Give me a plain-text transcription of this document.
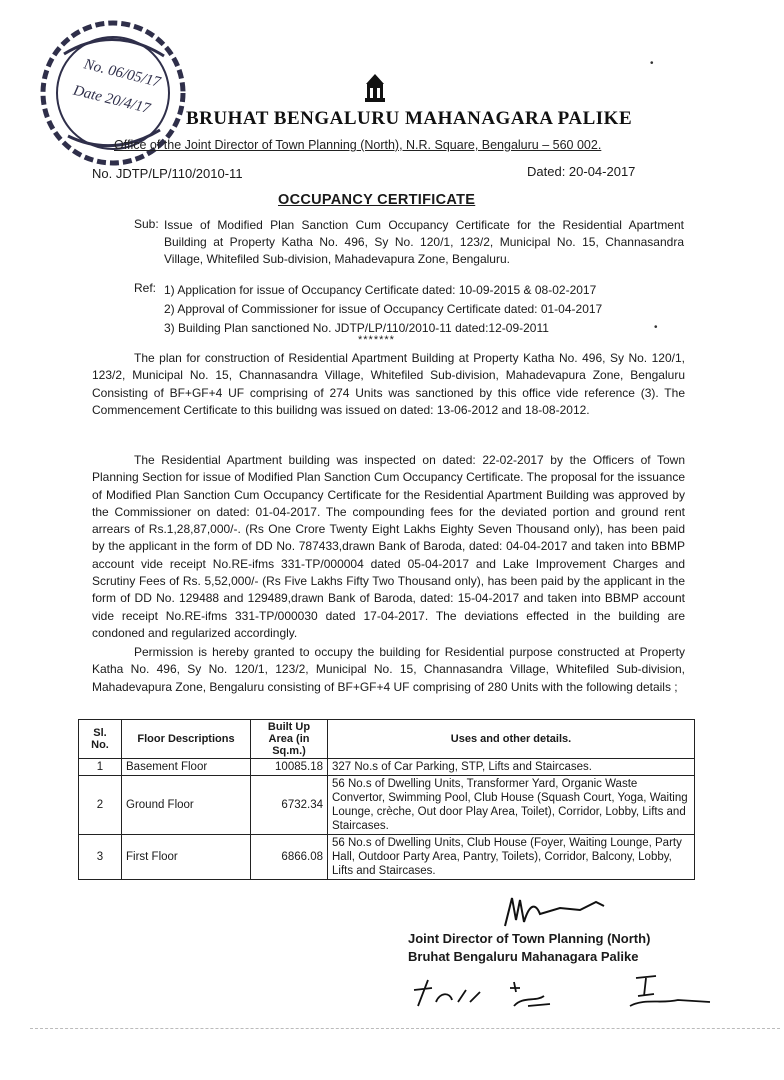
No. 06/05/17
Date 20/4/17
BRUHAT BENGALURU MAHANAGARA PALIKE
Office of the Joint Director of Town Planning (North), N.R. Square, Bengaluru – 560 002.
No. JDTP/LP/110/2010-11	Dated: 20-04-2017
OCCUPANCY CERTIFICATE
Sub: Issue of Modified Plan Sanction Cum Occupancy Certificate for the Residential Apartment Building at Property Katha No. 496, Sy No. 120/1, 123/2, Municipal No. 15, Channasandra Village, Whitefiled Sub-division, Mahadevapura Zone, Bengaluru.
Ref: 1) Application for issue of Occupancy Certificate dated: 10-09-2015 & 08-02-2017
2) Approval of Commissioner for issue of Occupancy Certificate dated: 01-04-2017
3) Building Plan sanctioned No. JDTP/LP/110/2010-11 dated:12-09-2011
*******
The plan for construction of Residential Apartment Building at Property Katha No. 496, Sy No. 120/1, 123/2, Municipal No. 15, Channasandra Village, Whitefiled Sub-division, Mahadevapura Zone, Bengaluru Consisting of BF+GF+4 UF comprising of 274 Units was sanctioned by this office vide reference (3). The Commencement Certificate to this builidng was issued on dated: 13-06-2012 and 18-08-2012.
The Residential Apartment building was inspected on dated: 22-02-2017 by the Officers of Town Planning Section for issue of Modified Plan Sanction Cum Occupancy Certificate. The proposal for the issuance of Modified Plan Sanction Cum Occupancy Certificate for the Residential Apartment Building was approved by the Commissioner on dated: 01-04-2017. The compounding fees for the deviated portion and ground rent arrears of Rs.1,28,87,000/-. (Rs One Crore Twenty Eight Lakhs Eighty Seven Thousand only), has been paid by the applicant in the form of DD No. 787433,drawn Bank of Baroda, dated: 04-04-2017 and taken into BBMP account vide receipt No.RE-ifms 331-TP/000004 dated 05-04-2017 and Lake Improvement Charges and Scrutiny Fees of Rs. 5,52,000/- (Rs Five Lakhs Fifty Two Thousand only), has been paid by the applicant in the form of DD No. 129488 and 129489,drawn Bank of Baroda, dated: 15-04-2017 and taken into BBMP account vide receipt No.RE-ifms 331-TP/000030 dated 17-04-2017. The deviations effected in the building are condoned and regularized accordingly.
Permission is hereby granted to occupy the building for Residential purpose constructed at Property Katha No. 496, Sy No. 120/1, 123/2, Municipal No. 15, Channasandra Village, Whitefiled Sub-division, Mahadevapura Zone, Bengaluru consisting of BF+GF+4 UF comprising of 280 Units with the following details ;
Sl. No.	Floor Descriptions	Built Up Area (in Sq.m.)	Uses and other details.
1	Basement Floor	10085.18	327 No.s of Car Parking, STP, Lifts and Staircases.
2	Ground Floor	6732.34	56 No.s of Dwelling Units, Transformer Yard, Organic Waste Convertor, Swimming Pool, Club House (Squash Court, Yoga, Waiting Lounge, crèche, Out door Play Area, Toilet), Corridor, Lobby, Lifts and Staircases.
3	First Floor	6866.08	56 No.s of Dwelling Units, Club House (Foyer, Waiting Lounge, Party Hall, Outdoor Party Area, Pantry, Toilets), Corridor, Balcony, Lobby, Lifts and Staircases.
Joint Director of Town Planning (North)
Bruhat Bengaluru Mahanagara Palike
•
•
